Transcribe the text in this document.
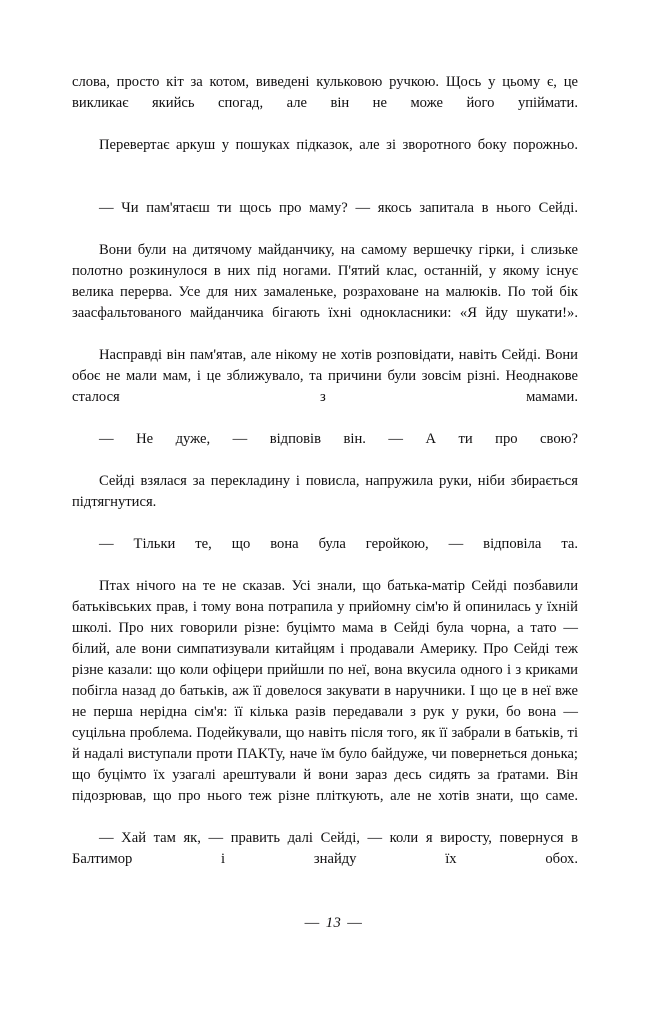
слова, просто кіт за котом, виведені кульковою ручкою. Щось у цьому є, це викликає якийсь спогад, але він не може його упіймати.

Перевертає аркуш у пошуках підказок, але зі зворотного боку порожньо.

— Чи пам'ятаєш ти щось про маму? — якось запитала в нього Сейді.

Вони були на дитячому майданчику, на самому вершечку гірки, і слизьке полотно розкинулося в них під ногами. П'ятий клас, останній, у якому існує велика перерва. Усе для них замаленьке, розраховане на малюків. По той бік заасфальтованого майданчика бігають їхні однокласники: «Я йду шукати!».

Насправді він пам'ятав, але нікому не хотів розповідати, навіть Сейді. Вони обоє не мали мам, і це зближувало, та причини були зовсім різні. Неоднакове сталося з мамами.

— Не дуже, — відповів він. — А ти про свою?

Сейді взялася за перекладину і повисла, напружила руки, ніби збирається підтягнутися.

— Тільки те, що вона була геройкою, — відповіла та.

Птах нічого на те не сказав. Усі знали, що батька-матір Сейді позбавили батьківських прав, і тому вона потрапила у прийомну сім'ю й опинилась у їхній школі. Про них говорили різне: буцімто мама в Сейді була чорна, а тато — білий, але вони симпатизували китайцям і продавали Америку. Про Сейді теж різне казали: що коли офіцери прийшли по неї, вона вкусила одного і з криками побігла назад до батьків, аж її довелося закувати в наручники. І що це в неї вже не перша нерідна сім'я: її кілька разів передавали з рук у руки, бо вона — суцільна проблема. Подейкували, що навіть після того, як її забрали в батьків, ті й надалі виступали проти ПАКТу, наче їм було байдуже, чи повернеться донька; що буцімто їх узагалі арештували й вони зараз десь сидять за ґратами. Він підозрював, що про нього теж різне пліткують, але не хотів знати, що саме.

— Хай там як, — править далі Сейді, — коли я виросту, повернуся в Балтимор і знайду їх обох.

— 13 —
